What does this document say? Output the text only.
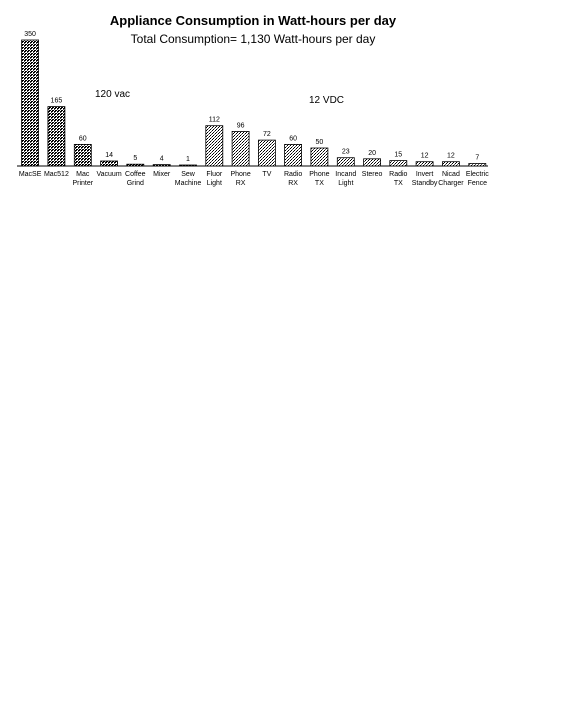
Appliance Consumption in Watt-hours per day
Total Consumption= 1,130 Watt-hours per day
120 vac
12 VDC
350
165
60
14	5	4	1
112
96
72
60
50
23	20	15	12	12	7
MacSE Mac512	Mac Printer
Vacuum Coffee Grind
Mixer	Sew Machine
Fluor Light
Phone RX
TV Radio RX
Phone TX
Incand Light
Stereo Radio TX
Invert Standby
Nicad Charger
Electric Fence
